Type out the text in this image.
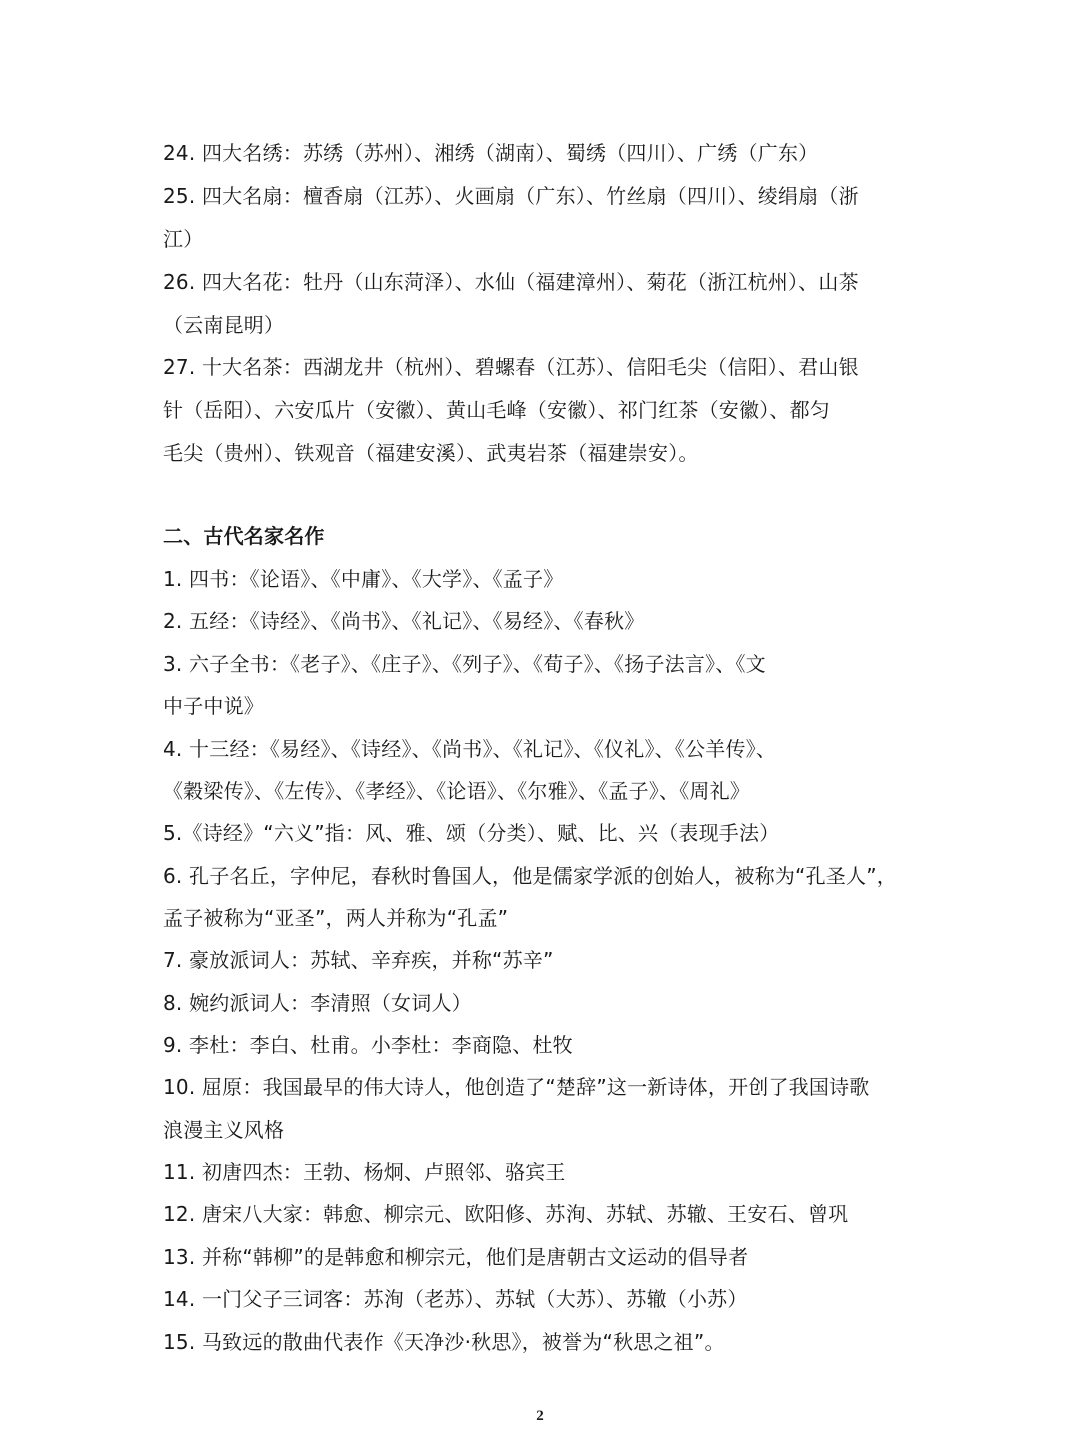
24. 四大名绣：苏绣（苏州）、湘绣（湖南）、蜀绣（四川）、广绣（广东）
25. 四大名扇：檀香扇（江苏）、火画扇（广东）、竹丝扇（四川）、绫绢扇（浙
江）
26. 四大名花：牡丹（山东菏泽）、水仙（福建漳州）、菊花（浙江杭州）、山茶
（云南昆明）
27. 十大名茶：西湖龙井（杭州）、碧螺春（江苏）、信阳毛尖（信阳）、君山银
针（岳阳）、六安瓜片（安徽）、黄山毛峰（安徽）、祁门红茶（安徽）、都匀
毛尖（贵州）、铁观音（福建安溪）、武夷岩茶（福建崇安）。
二、古代名家名作
1. 四书：《论语》、《中庸》、《大学》、《孟子》
2. 五经：《诗经》、《尚书》、《礼记》、《易经》、《春秋》
3. 六子全书：《老子》、《庄子》、《列子》、《荀子》、《扬子法言》、《文
中子中说》
4. 十三经：《易经》、《诗经》、《尚书》、《礼记》、《仪礼》、《公羊传》、
《穀梁传》、《左传》、《孝经》、《论语》、《尔雅》、《孟子》、《周礼》
5.《诗经》“六义”指：风、雅、颂（分类）、赋、比、兴（表现手法）
6. 孔子名丘，字仲尼，春秋时鲁国人，他是儒家学派的创始人，被称为“孔圣人”，
孟子被称为“亚圣”，两人并称为“孔孟”
7. 豪放派词人：苏轼、辛弃疾，并称“苏辛”
8. 婉约派词人：李清照（女词人）
9. 李杜：李白、杜甫。小李杜：李商隐、杜牧
10. 屈原：我国最早的伟大诗人，他创造了“楚辞”这一新诗体，开创了我国诗歌
浪漫主义风格
11. 初唐四杰：王勃、杨炯、卢照邻、骆宾王
12. 唐宋八大家：韩愈、柳宗元、欧阳修、苏洵、苏轼、苏辙、王安石、曾巩
13. 并称“韩柳”的是韩愈和柳宗元，他们是唐朝古文运动的倡导者
14. 一门父子三词客：苏洵（老苏）、苏轼（大苏）、苏辙（小苏）
15. 马致远的散曲代表作《天净沙·秋思》，被誉为“秋思之祖”。
2
